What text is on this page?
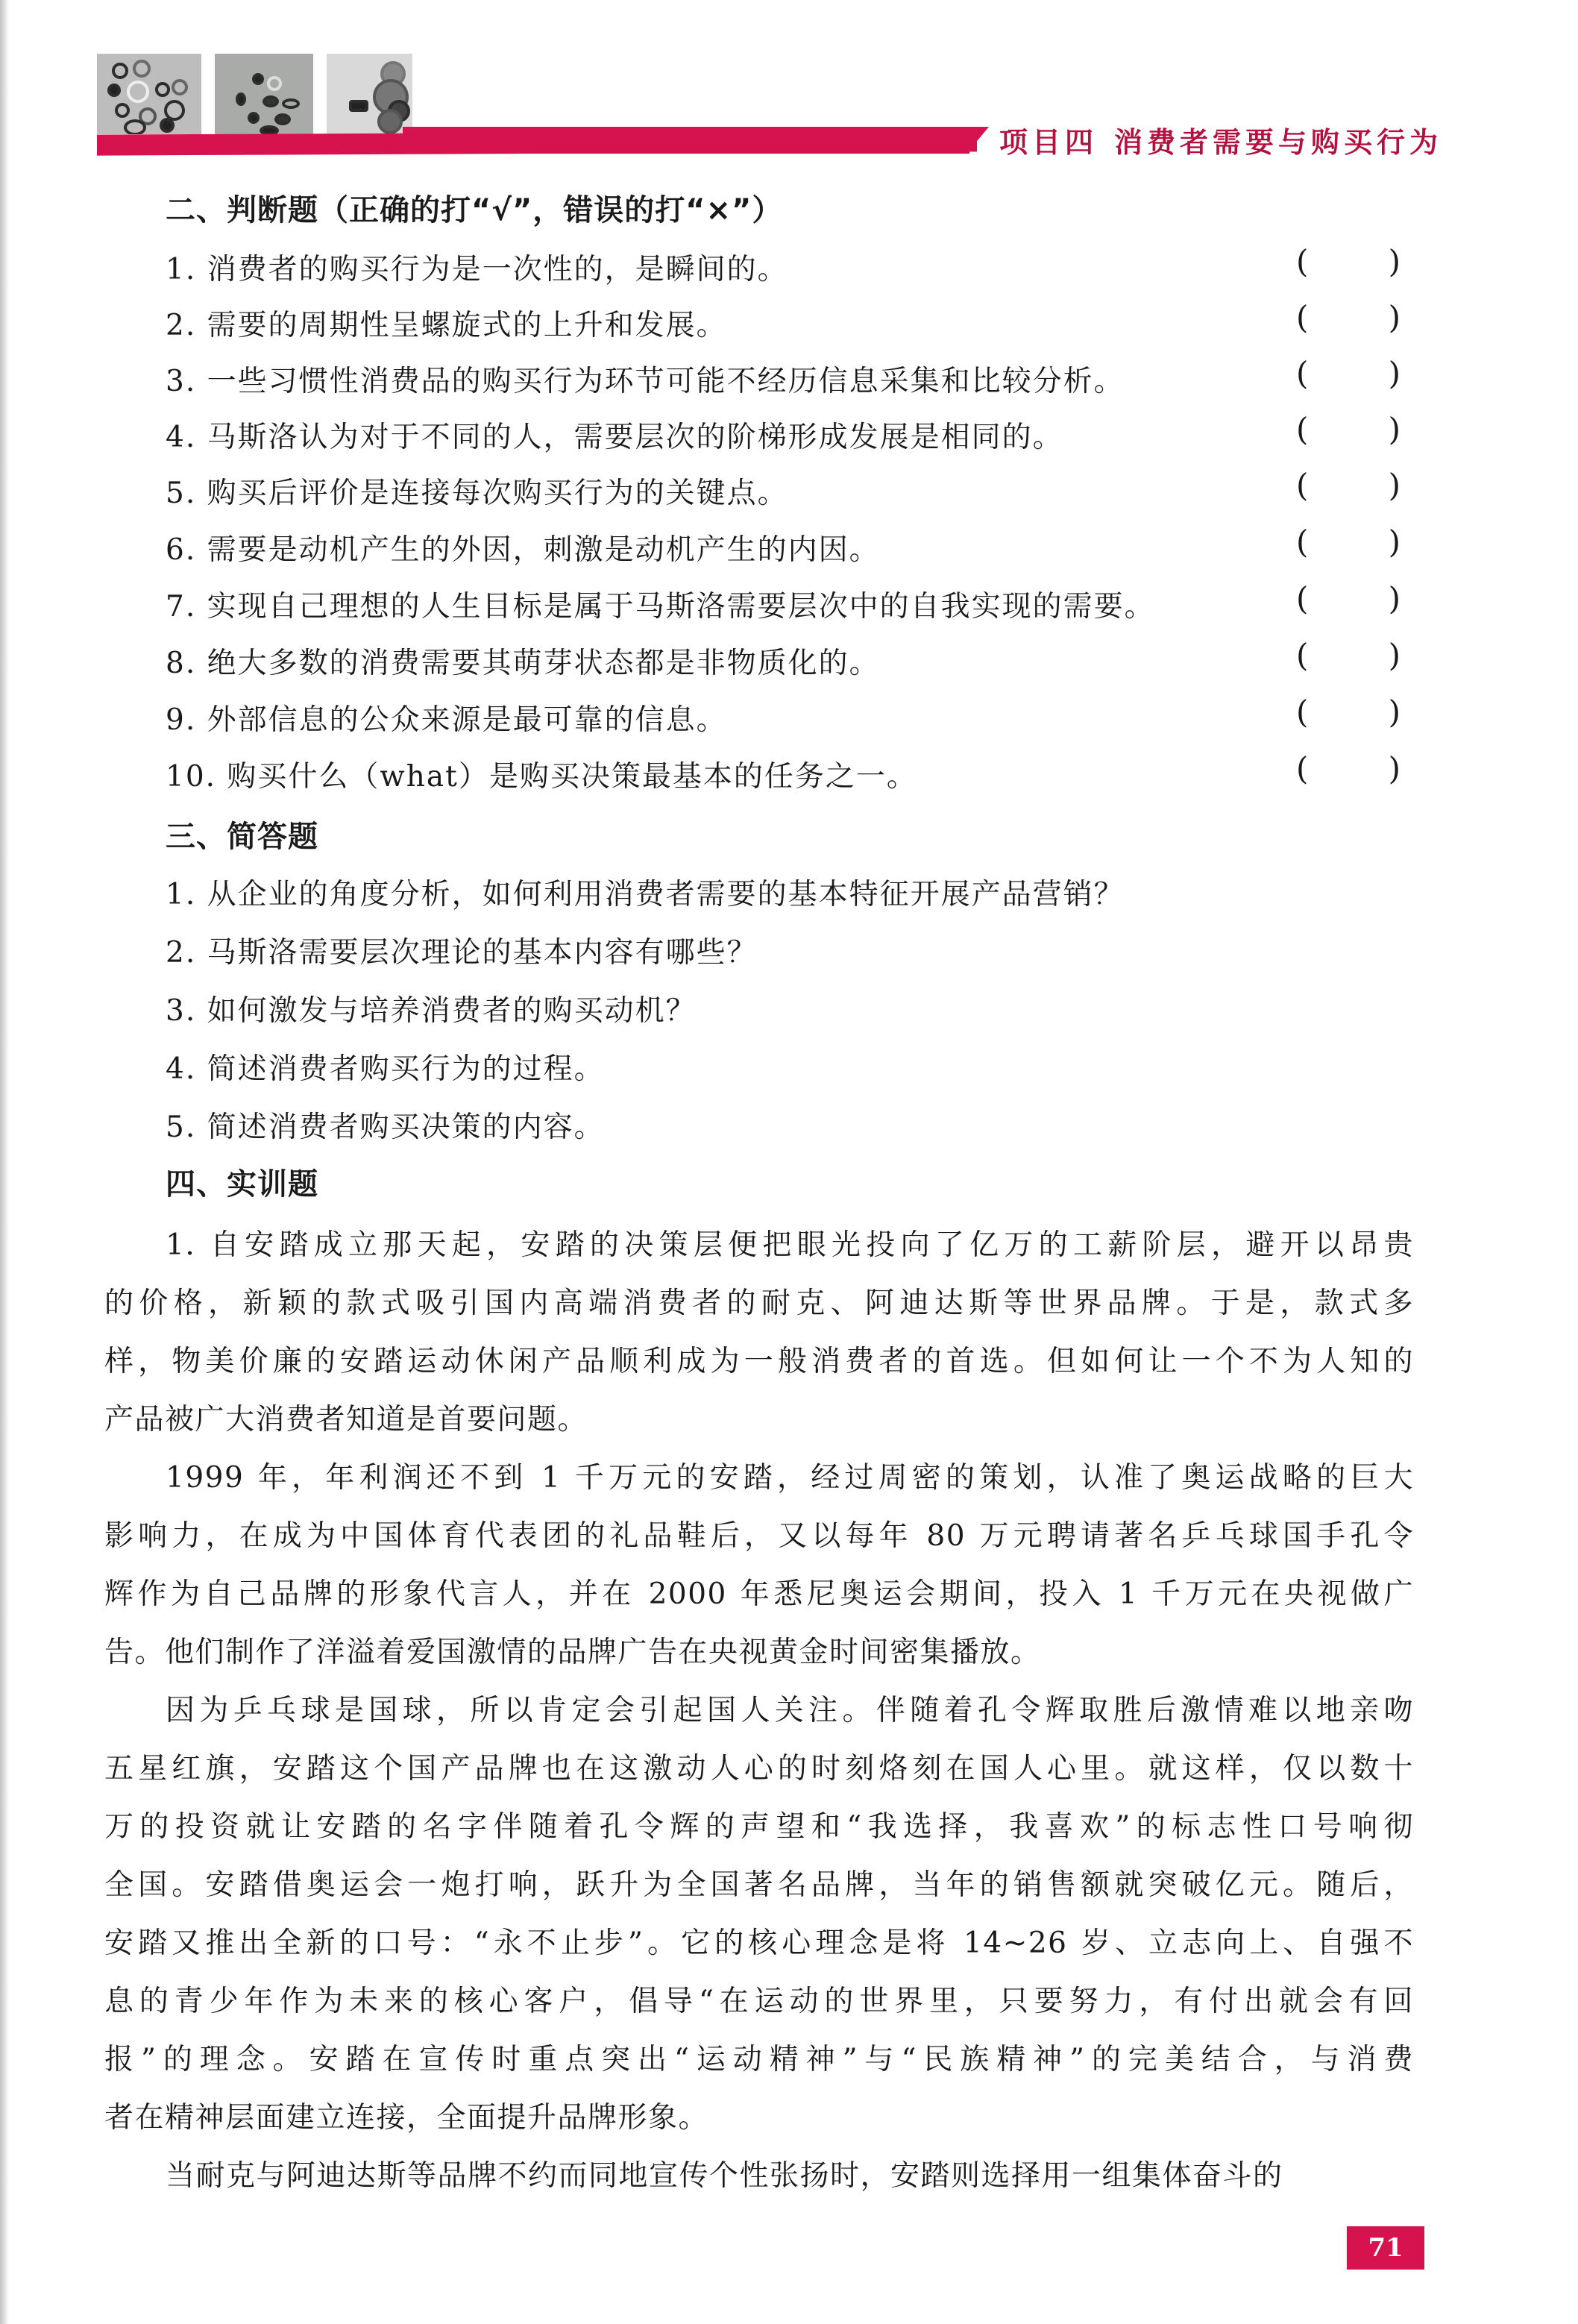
项目四 消费者需要与购买行为
二、判断题（正确的打“√”，错误的打“×”）
1. 消费者的购买行为是一次性的，是瞬间的。	(	)
2. 需要的周期性呈螺旋式的上升和发展。	(	)
3. 一些习惯性消费品的购买行为环节可能不经历信息采集和比较分析。	(	)
4. 马斯洛认为对于不同的人，需要层次的阶梯形成发展是相同的。	(	)
5. 购买后评价是连接每次购买行为的关键点。	(	)
6. 需要是动机产生的外因，刺激是动机产生的内因。	(	)
7. 实现自己理想的人生目标是属于马斯洛需要层次中的自我实现的需要。	(	)
8. 绝大多数的消费需要其萌芽状态都是非物质化的。	(	)
9. 外部信息的公众来源是最可靠的信息。	(	)
10. 购买什么（what）是购买决策最基本的任务之一。	(	)
三、简答题
1. 从企业的角度分析，如何利用消费者需要的基本特征开展产品营销？
2. 马斯洛需要层次理论的基本内容有哪些？
3. 如何激发与培养消费者的购买动机？
4. 简述消费者购买行为的过程。
5. 简述消费者购买决策的内容。
四、实训题
1. 自安踏成立那天起，安踏的决策层便把眼光投向了亿万的工薪阶层，避开以昂贵
的价格，新颖的款式吸引国内高端消费者的耐克、阿迪达斯等世界品牌。于是，款式多
样，物美价廉的安踏运动休闲产品顺利成为一般消费者的首选。但如何让一个不为人知的
产品被广大消费者知道是首要问题。
1999 年，年利润还不到 1 千万元的安踏，经过周密的策划，认准了奥运战略的巨大
影响力，在成为中国体育代表团的礼品鞋后，又以每年 80 万元聘请著名乒乓球国手孔令
辉作为自己品牌的形象代言人，并在 2000 年悉尼奥运会期间，投入 1 千万元在央视做广
告。他们制作了洋溢着爱国激情的品牌广告在央视黄金时间密集播放。
因为乒乓球是国球，所以肯定会引起国人关注。伴随着孔令辉取胜后激情难以地亲吻
五星红旗，安踏这个国产品牌也在这激动人心的时刻烙刻在国人心里。就这样，仅以数十
万的投资就让安踏的名字伴随着孔令辉的声望和“我选择，我喜欢”的标志性口号响彻
全国。安踏借奥运会一炮打响，跃升为全国著名品牌，当年的销售额就突破亿元。随后，
安踏又推出全新的口号：“永不止步”。它的核心理念是将 14~26 岁、立志向上、自强不
息的青少年作为未来的核心客户，倡导“在运动的世界里，只要努力，有付出就会有回
报”的理念。安踏在宣传时重点突出“运动精神”与“民族精神”的完美结合，与消费
者在精神层面建立连接，全面提升品牌形象。
当耐克与阿迪达斯等品牌不约而同地宣传个性张扬时，安踏则选择用一组集体奋斗的
71
